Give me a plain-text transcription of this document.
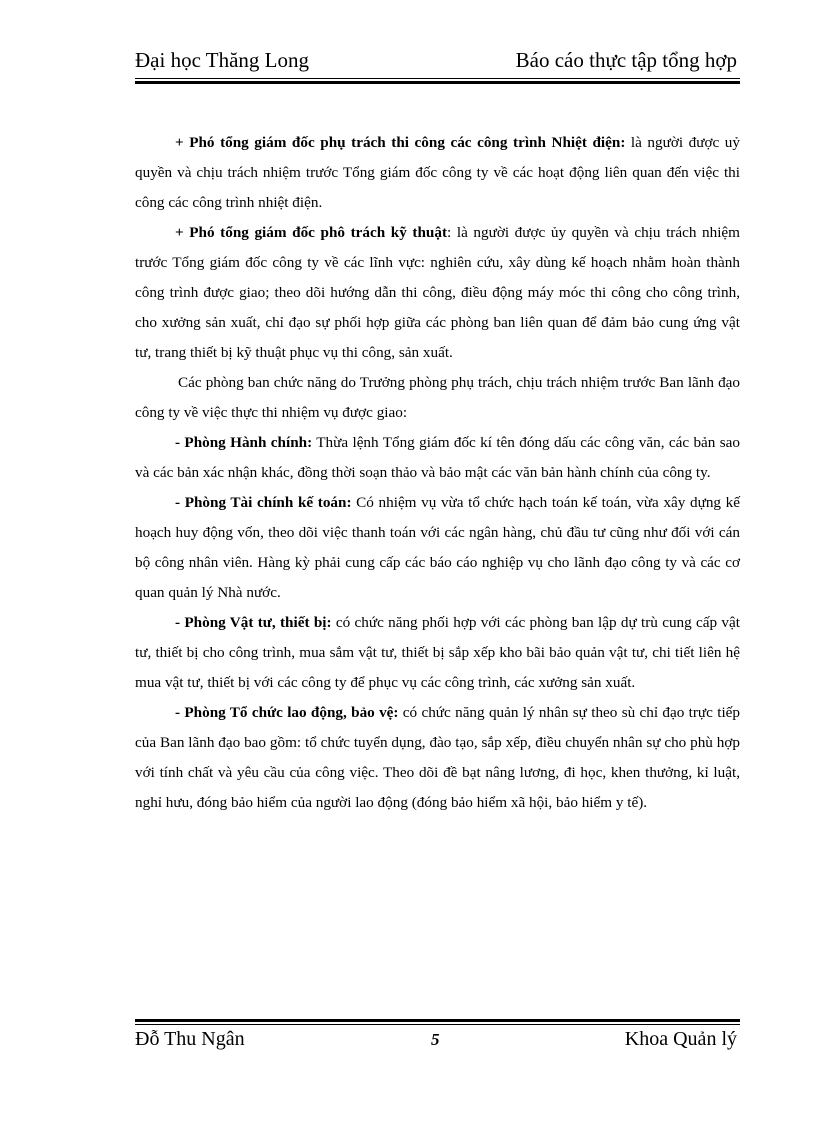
Đại học Thăng Long	Báo cáo thực tập tổng hợp

+ Phó tổng giám đốc phụ trách thi công các công trình Nhiệt điện: là người được uỷ quyền và chịu trách nhiệm trước Tổng giám đốc công ty về các hoạt động liên quan đến việc thi công các công trình nhiệt điện.

+ Phó tổng giám đốc phô trách kỹ thuật: là người được ủy quyền và chịu trách nhiệm trước Tổng giám đốc công ty về các lĩnh vực: nghiên cứu, xây dùng kế hoạch nhằm hoàn thành công trình được giao; theo dõi hướng dẫn thi công, điều động máy móc thi công cho công trình, cho xưởng sản xuất, chỉ đạo sự phối hợp giữa các phòng ban liên quan để đảm bảo cung ứng vật tư, trang thiết bị kỹ thuật phục vụ thi công, sản xuất.

Các phòng ban chức năng do Trưởng phòng phụ trách, chịu trách nhiệm trước Ban lãnh đạo công ty về việc thực thi nhiệm vụ được giao:

- Phòng Hành chính: Thừa lệnh Tổng giám đốc kí tên đóng dấu các công văn, các bản sao và các bản xác nhận khác, đồng thời soạn thảo và bảo mật các văn bản hành chính của công ty.

- Phòng Tài chính kế toán: Có nhiệm vụ vừa tổ chức hạch toán kế toán, vừa xây dựng kế hoạch huy động vốn, theo dõi việc thanh toán với các ngân hàng, chủ đầu tư cũng như đối với cán bộ công nhân viên. Hàng kỳ phải cung cấp các báo cáo nghiệp vụ cho lãnh đạo công ty và các cơ quan quản lý Nhà nước.

- Phòng Vật tư, thiết bị: có chức năng phối hợp với các phòng ban lập dự trù cung cấp vật tư, thiết bị cho công trình, mua sắm vật tư, thiết bị sắp xếp kho bãi bảo quản vật tư, chi tiết liên hệ mua vật tư, thiết bị với các công ty để phục vụ các công trình, các xưởng sản xuất.

- Phòng Tổ chức lao động, bảo vệ: có chức năng quản lý nhân sự theo sù chỉ đạo trực tiếp của Ban lãnh đạo bao gồm: tổ chức tuyển dụng, đào tạo, sắp xếp, điều chuyển nhân sự cho phù hợp với tính chất và yêu cầu của công việc. Theo dõi đề bạt nâng lương, đi học, khen thưởng, kỉ luật, nghỉ hưu, đóng bảo hiểm của người lao động (đóng bảo hiểm xã hội, bảo hiểm y tế).

Đỗ Thu Ngân	5	Khoa Quản lý
